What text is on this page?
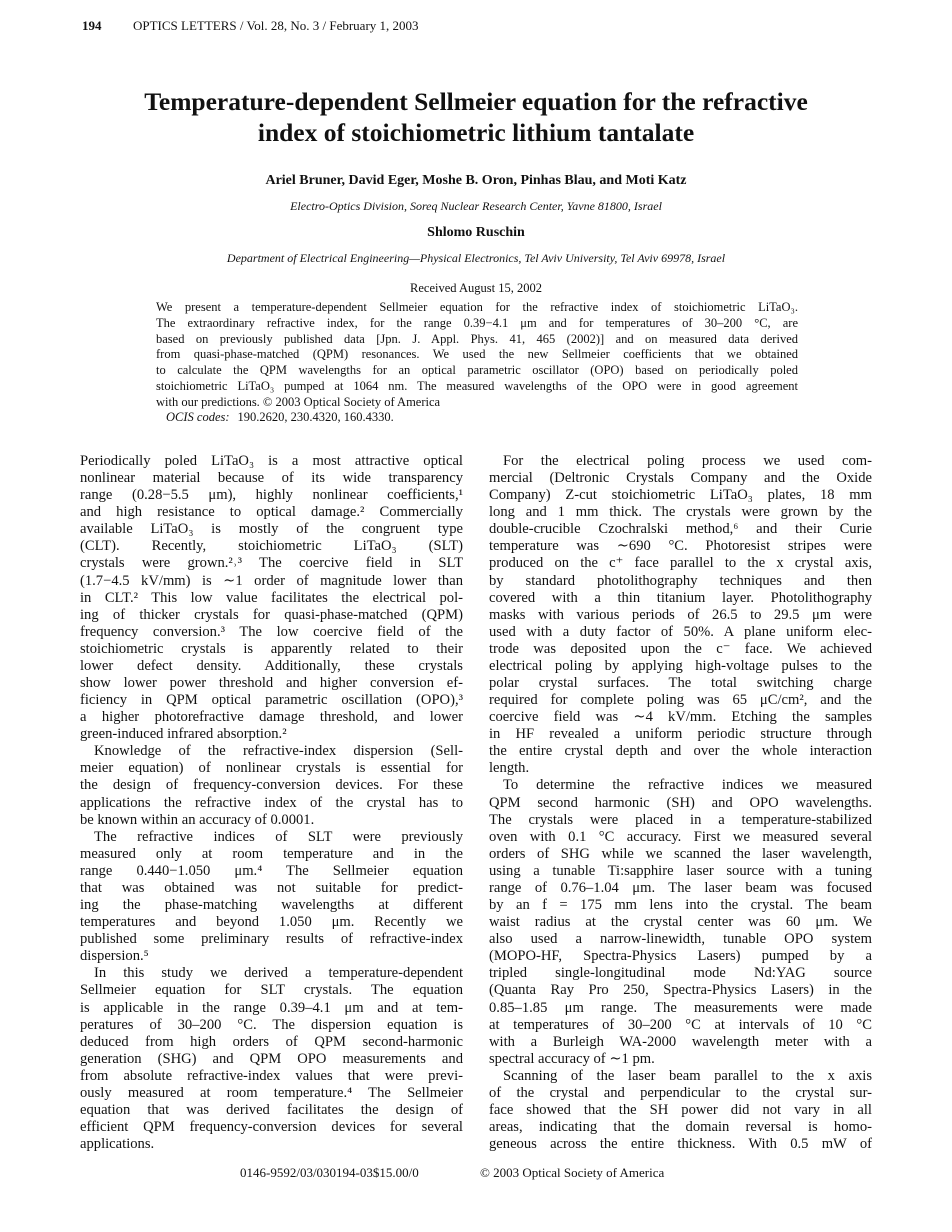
194 OPTICS LETTERS / Vol. 28, No. 3 / February 1, 2003
Temperature-dependent Sellmeier equation for the refractive
index of stoichiometric lithium tantalate
Ariel Bruner, David Eger, Moshe B. Oron, Pinhas Blau, and Moti Katz
Electro-Optics Division, Soreq Nuclear Research Center, Yavne 81800, Israel
Shlomo Ruschin
Department of Electrical Engineering—Physical Electronics, Tel Aviv University, Tel Aviv 69978, Israel
Received August 15, 2002
We present a temperature-dependent Sellmeier equation for the refractive index of stoichiometric LiTaO₃.
The extraordinary refractive index, for the range 0.39−4.1 μm and for temperatures of 30–200 °C, are
based on previously published data [Jpn. J. Appl. Phys. 41, 465 (2002)] and on measured data derived
from quasi-phase-matched (QPM) resonances. We used the new Sellmeier coefficients that we obtained
to calculate the QPM wavelengths for an optical parametric oscillator (OPO) based on periodically poled
stoichiometric LiTaO₃ pumped at 1064 nm. The measured wavelengths of the OPO were in good agreement
with our predictions. © 2003 Optical Society of America
OCIS codes: 190.2620, 230.4320, 160.4330.
Periodically poled LiTaO₃ is a most attractive optical
nonlinear material because of its wide transparency
range (0.28−5.5 μm), highly nonlinear coefficients,¹
and high resistance to optical damage.² Commercially
available LiTaO₃ is mostly of the congruent type
(CLT). Recently, stoichiometric LiTaO₃ (SLT)
crystals were grown.²˒³ The coercive field in SLT
(1.7−4.5 kV/mm) is ∼1 order of magnitude lower than
in CLT.² This low value facilitates the electrical pol-
ing of thicker crystals for quasi-phase-matched (QPM)
frequency conversion.³ The low coercive field of the
stoichiometric crystals is apparently related to their
lower defect density. Additionally, these crystals
show lower power threshold and higher conversion ef-
ficiency in QPM optical parametric oscillation (OPO),³
a higher photorefractive damage threshold, and lower
green-induced infrared absorption.²
Knowledge of the refractive-index dispersion (Sell-
meier equation) of nonlinear crystals is essential for
the design of frequency-conversion devices. For these
applications the refractive index of the crystal has to
be known within an accuracy of 0.0001.
The refractive indices of SLT were previously
measured only at room temperature and in the
range 0.440−1.050 μm.⁴ The Sellmeier equation
that was obtained was not suitable for predict-
ing the phase-matching wavelengths at different
temperatures and beyond 1.050 μm. Recently we
published some preliminary results of refractive-index
dispersion.⁵
In this study we derived a temperature-dependent
Sellmeier equation for SLT crystals. The equation
is applicable in the range 0.39–4.1 μm and at tem-
peratures of 30–200 °C. The dispersion equation is
deduced from high orders of QPM second-harmonic
generation (SHG) and QPM OPO measurements and
from absolute refractive-index values that were previ-
ously measured at room temperature.⁴ The Sellmeier
equation that was derived facilitates the design of
efficient QPM frequency-conversion devices for several
applications.
For the electrical poling process we used com-
mercial (Deltronic Crystals Company and the Oxide
Company) Z-cut stoichiometric LiTaO₃ plates, 18 mm
long and 1 mm thick. The crystals were grown by the
double-crucible Czochralski method,⁶ and their Curie
temperature was ∼690 °C. Photoresist stripes were
produced on the c⁺ face parallel to the x crystal axis,
by standard photolithography techniques and then
covered with a thin titanium layer. Photolithography
masks with various periods of 26.5 to 29.5 μm were
used with a duty factor of 50%. A plane uniform elec-
trode was deposited upon the c⁻ face. We achieved
electrical poling by applying high-voltage pulses to the
polar crystal surfaces. The total switching charge
required for complete poling was 65 μC/cm², and the
coercive field was ∼4 kV/mm. Etching the samples
in HF revealed a uniform periodic structure through
the entire crystal depth and over the whole interaction
length.
To determine the refractive indices we measured
QPM second harmonic (SH) and OPO wavelengths.
The crystals were placed in a temperature-stabilized
oven with 0.1 °C accuracy. First we measured several
orders of SHG while we scanned the laser wavelength,
using a tunable Ti:sapphire laser source with a tuning
range of 0.76–1.04 μm. The laser beam was focused
by an f = 175 mm lens into the crystal. The beam
waist radius at the crystal center was 60 μm. We
also used a narrow-linewidth, tunable OPO system
(MOPO-HF, Spectra-Physics Lasers) pumped by a
tripled single-longitudinal mode Nd:YAG source
(Quanta Ray Pro 250, Spectra-Physics Lasers) in the
0.85–1.85 μm range. The measurements were made
at temperatures of 30–200 °C at intervals of 10 °C
with a Burleigh WA-2000 wavelength meter with a
spectral accuracy of ∼1 pm.
Scanning of the laser beam parallel to the x axis
of the crystal and perpendicular to the crystal sur-
face showed that the SH power did not vary in all
areas, indicating that the domain reversal is homo-
geneous across the entire thickness. With 0.5 mW of
0146-9592/03/030194-03$15.00/0	© 2003 Optical Society of America
